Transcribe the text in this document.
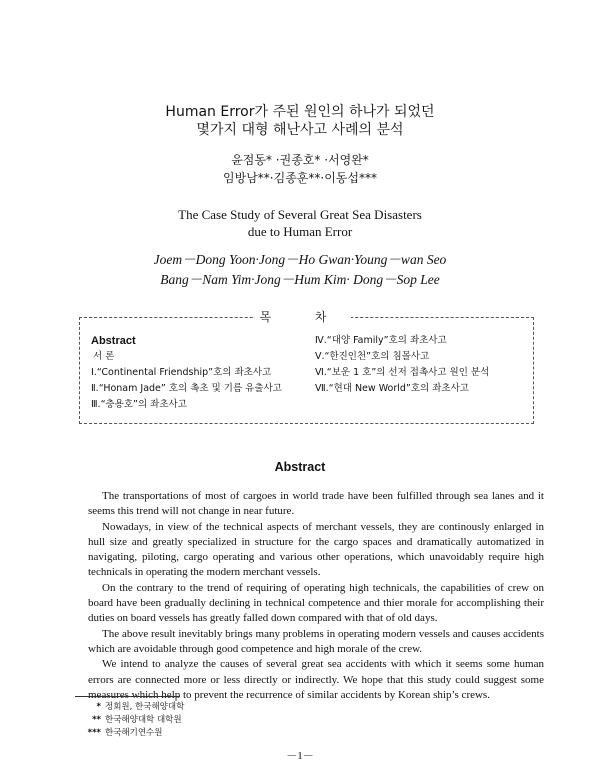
Human Error가 주된 원인의 하나가 되었던
몇가지 대형 해난사고 사례의 분석
윤점동* ·권종호* ·서영완*
임방남**·김종훈**·이동섭***
The Case Study of Several Great Sea Disasters
due to Human Error
Joem－Dong Yoon·Jong－Ho Gwan·Young－wan Seo
Bang－Nam Yim·Jong－Hum Kim· Dong－Sop Lee
목 차
Abstract
서 론
Ⅰ.“Continental Friendship”호의 좌초사고
Ⅱ.“Honam Jade” 호의 촉초 및 기름 유출사고
Ⅲ.“충용호”의 좌초사고
Ⅳ.“대양 Family”호의 좌초사고
Ⅴ.“한진인천”호의 침몰사고
Ⅵ.“보운 1 호”의 선저 접촉사고 원인 분석
Ⅶ.“현대 New World”호의 좌초사고
Abstract

The transportations of most of cargoes in world trade have been fulfilled through sea lanes and it seems this trend will not change in near future.

Nowadays, in view of the technical aspects of merchant vessels, they are continously enlarged in hull size and greatly specialized in structure for the cargo spaces and dramatically automatized in navigating, piloting, cargo operating and various other operations, which unavoidably require high technicals in operating the modern merchant vessels.

On the contrary to the trend of requiring of operating high technicals, the capabilities of crew on board have been gradually declining in technical competence and thier morale for accomplishing their duties on board vessels has greatly falled down compared with that of old days.

The above result inevitably brings many problems in operating modern vessels and causes accidents which are avoidable through good competence and high morale of the crew.

We intend to analyze the causes of several great sea accidents with which it seems some human errors are connected more or less directly or indirectly. We hope that this study could suggest some measures which help to prevent the recurrence of similar accidents by Korean ship’s crews.

* 정회원, 한국해양대학
** 한국해양대학 대학원
*** 한국해기연수원
－1－
